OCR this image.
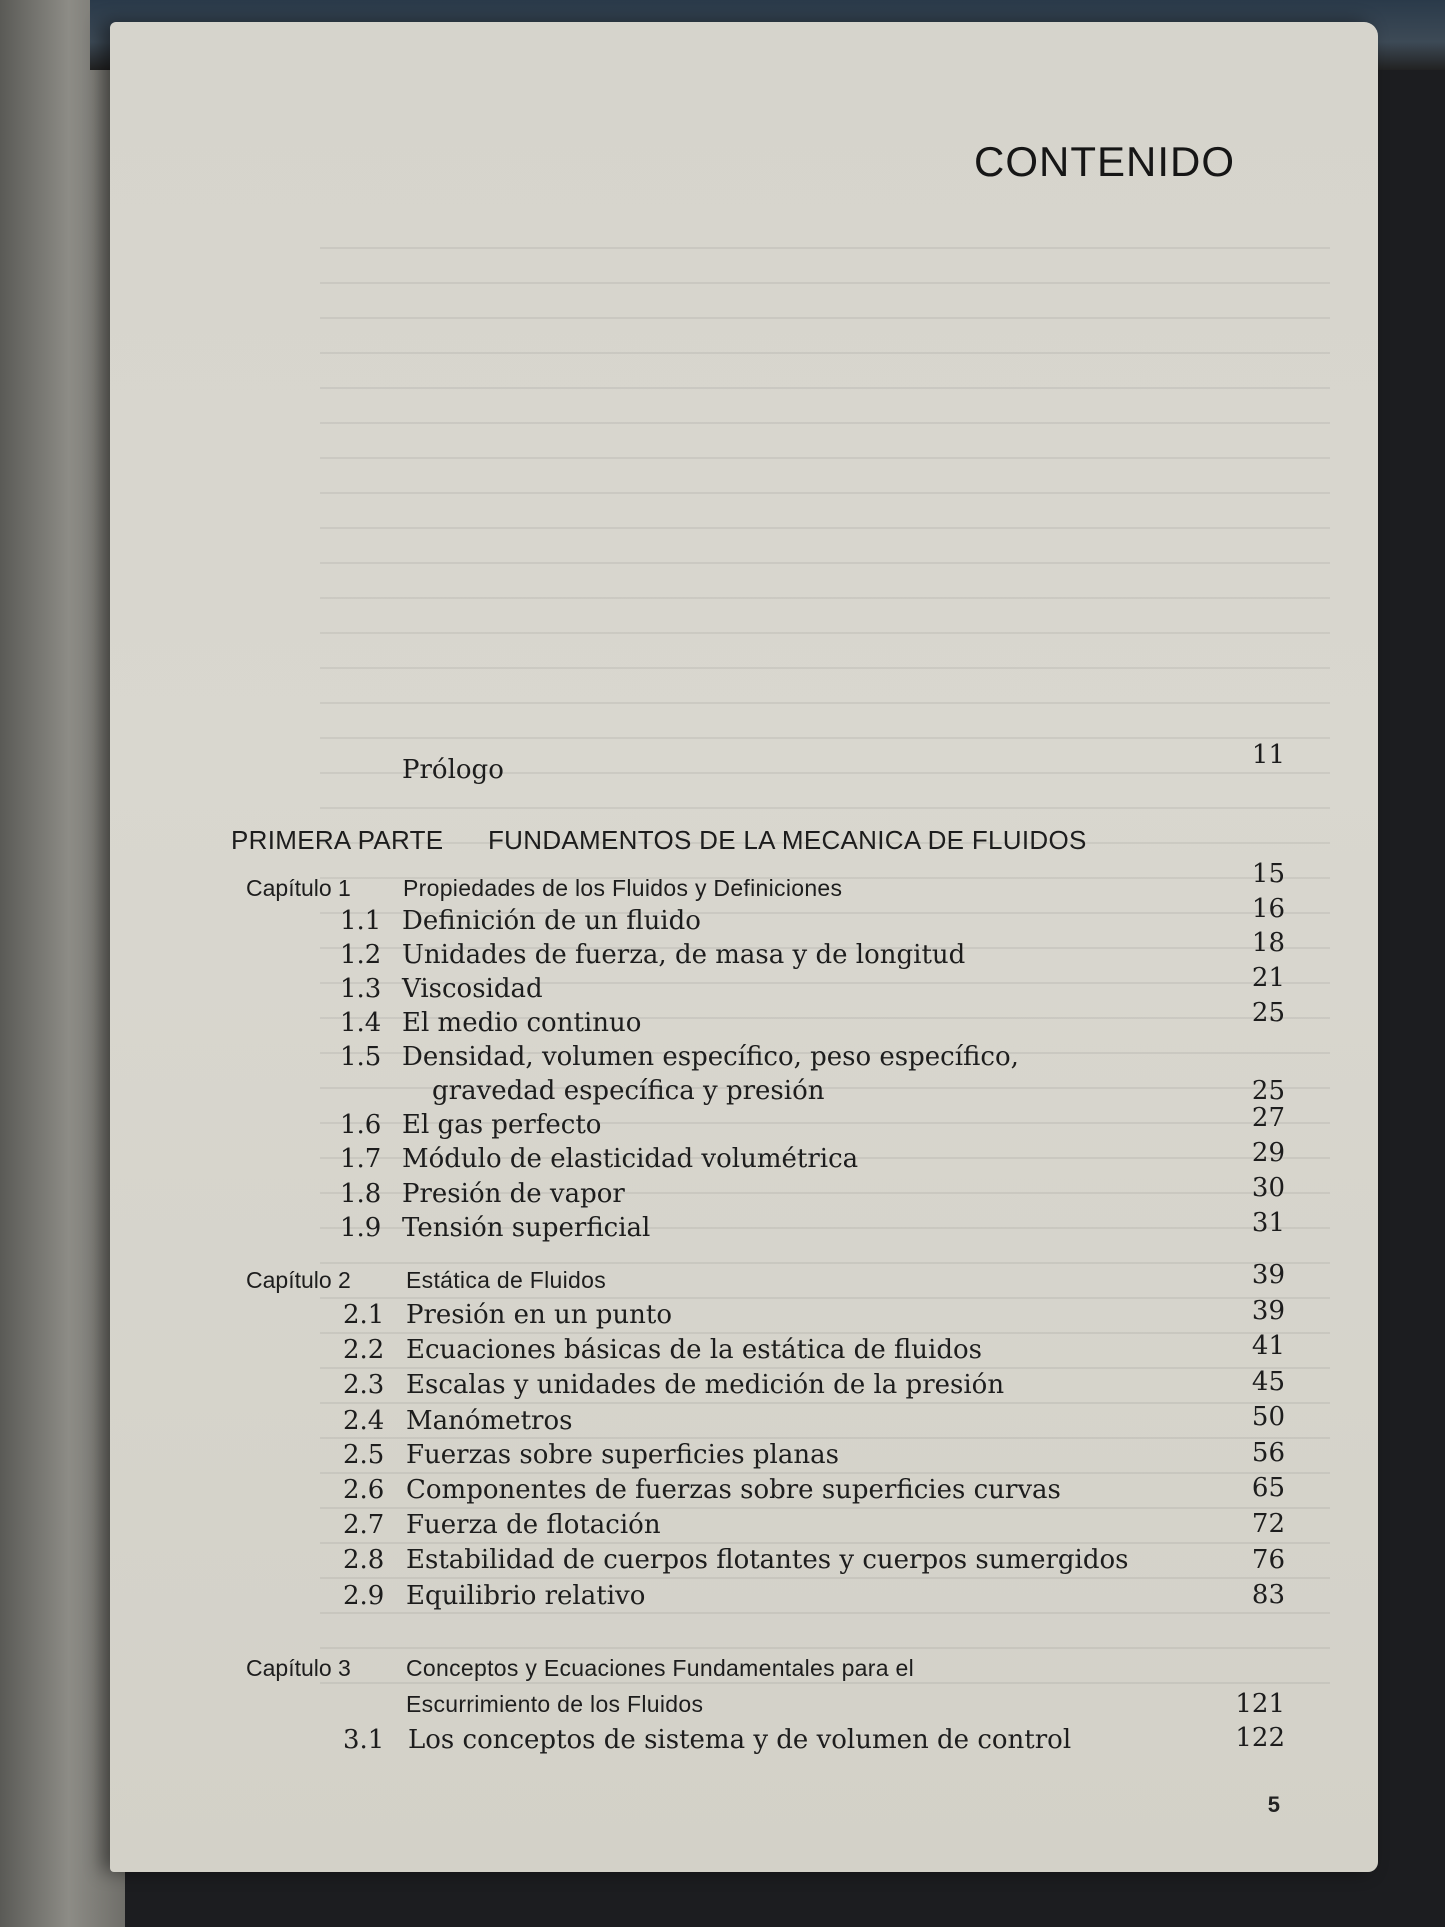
CONTENIDO
Prólogo	11
PRIMERA PARTE FUNDAMENTOS DE LA MECANICA DE FLUIDOS
Capítulo 1 Propiedades de los Fluidos y Definiciones	15
1.1 Definición de un fluido	16
1.2 Unidades de fuerza, de masa y de longitud	18
1.3 Viscosidad	21
1.4 El medio continuo	25
1.5 Densidad, volumen específico, peso específico,
gravedad específica y presión	25
1.6 El gas perfecto	27
1.7 Módulo de elasticidad volumétrica	29
1.8 Presión de vapor	30
1.9 Tensión superficial	31
Capítulo 2 Estática de Fluidos	39
2.1 Presión en un punto	39
2.2 Ecuaciones básicas de la estática de fluidos	41
2.3 Escalas y unidades de medición de la presión	45
2.4 Manómetros	50
2.5 Fuerzas sobre superficies planas	56
2.6 Componentes de fuerzas sobre superficies curvas	65
2.7 Fuerza de flotación	72
2.8 Estabilidad de cuerpos flotantes y cuerpos sumergidos	76
2.9 Equilibrio relativo	83
Capítulo 3 Conceptos y Ecuaciones Fundamentales para el
Escurrimiento de los Fluidos	121
3.1 Los conceptos de sistema y de volumen de control	122
5
